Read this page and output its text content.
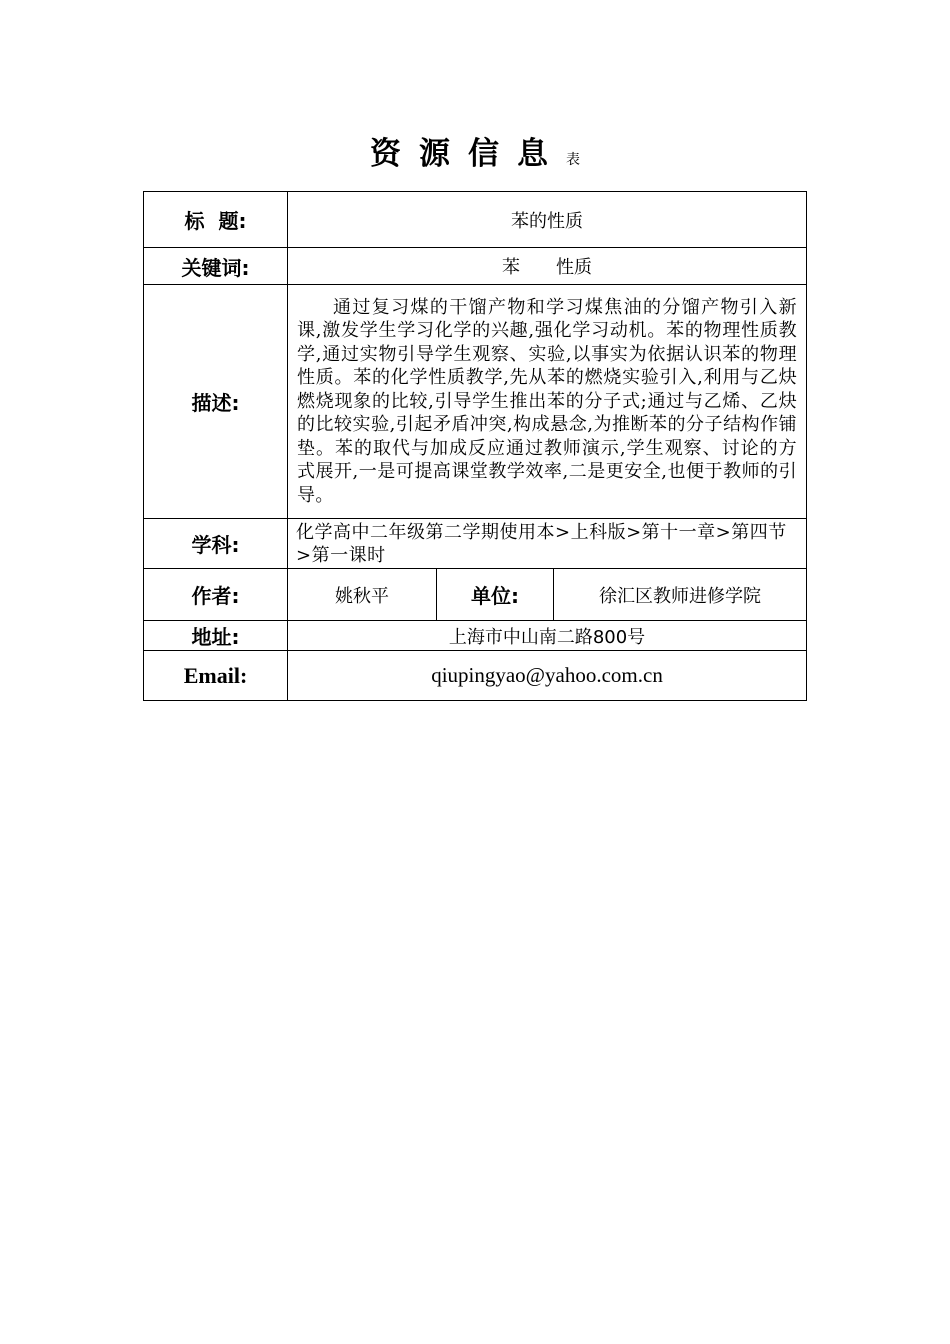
资源信息表
标  题:	苯的性质		
关键词:	苯 性质		
描述:	通过复习煤的干馏产物和学习煤焦油的分馏产物引入新课,激发学生学习化学的兴趣,强化学习动机。苯的物理性质教学,通过实物引导学生观察、实验,以事实为依据认识苯的物理性质。苯的化学性质教学,先从苯的燃烧实验引入,利用与乙炔燃烧现象的比较,引导学生推出苯的分子式;通过与乙烯、乙炔的比较实验,引起矛盾冲突,构成悬念,为推断苯的分子结构作铺垫。苯的取代与加成反应通过教师演示,学生观察、讨论的方式展开,一是可提高课堂教学效率,二是更安全,也便于教师的引导。		

学科:	化学高中二年级第二学期使用本>上科版>第十一章>第四节>第一课时		
作者:	姚秋平	单位:	徐汇区教师进修学院
地址:	上海市中山南二路800号		
Email:	qiupingyao@yahoo.com.cn		
